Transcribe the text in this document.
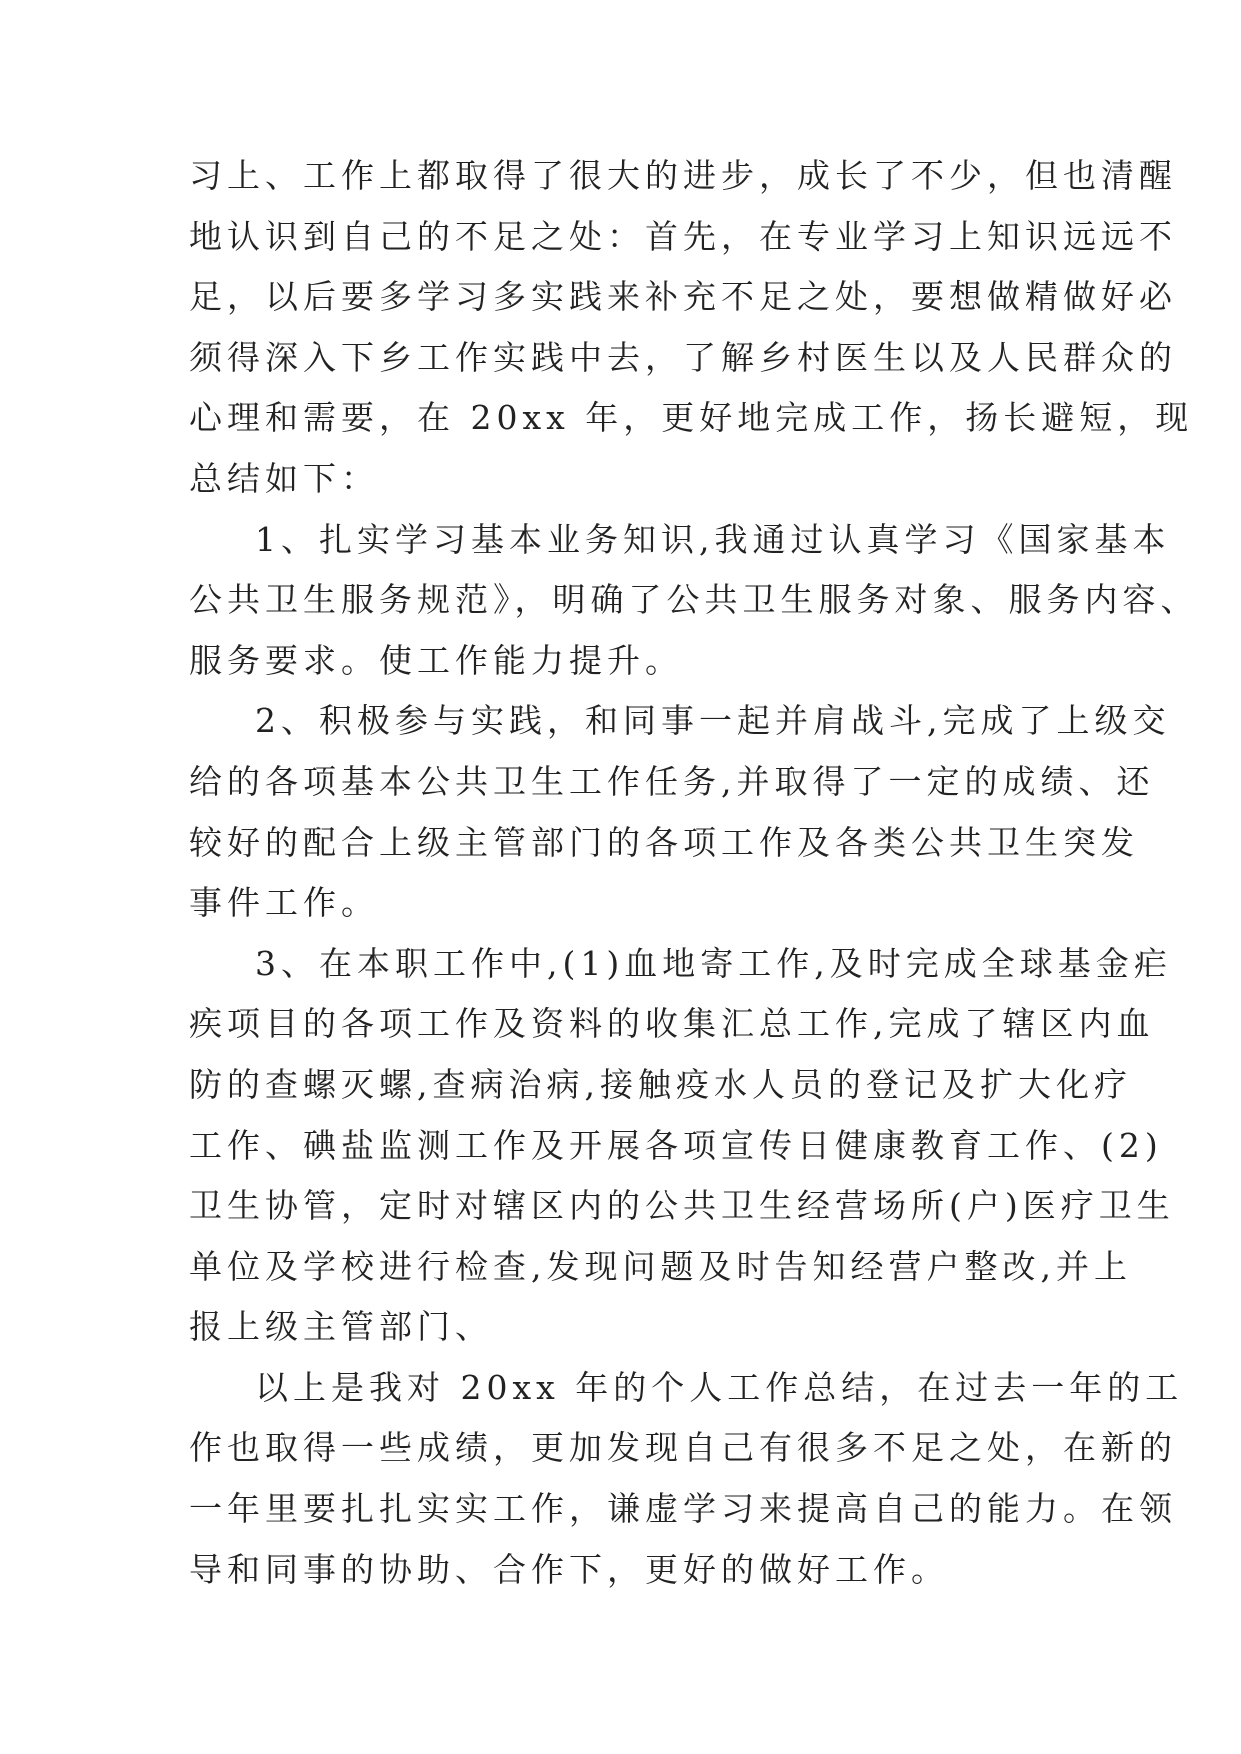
习上、工作上都取得了很大的进步，成长了不少，但也清醒
地认识到自己的不足之处：首先，在专业学习上知识远远不
足，以后要多学习多实践来补充不足之处，要想做精做好必
须得深入下乡工作实践中去，了解乡村医生以及人民群众的
心理和需要，在 20xx 年，更好地完成工作，扬长避短，现
总结如下：
1、扎实学习基本业务知识,我通过认真学习《国家基本
公共卫生服务规范》，明确了公共卫生服务对象、服务内容、
服务要求。使工作能力提升。
2、积极参与实践，和同事一起并肩战斗,完成了上级交
给的各项基本公共卫生工作任务,并取得了一定的成绩、还
较好的配合上级主管部门的各项工作及各类公共卫生突发
事件工作。
3、在本职工作中,(1)血地寄工作,及时完成全球基金疟
疾项目的各项工作及资料的收集汇总工作,完成了辖区内血
防的查螺灭螺,查病治病,接触疫水人员的登记及扩大化疗
工作、碘盐监测工作及开展各项宣传日健康教育工作、(2)
卫生协管，定时对辖区内的公共卫生经营场所(户)医疗卫生
单位及学校进行检查,发现问题及时告知经营户整改,并上
报上级主管部门、
以上是我对 20xx 年的个人工作总结，在过去一年的工
作也取得一些成绩，更加发现自己有很多不足之处，在新的
一年里要扎扎实实工作，谦虚学习来提高自己的能力。在领
导和同事的协助、合作下，更好的做好工作。
